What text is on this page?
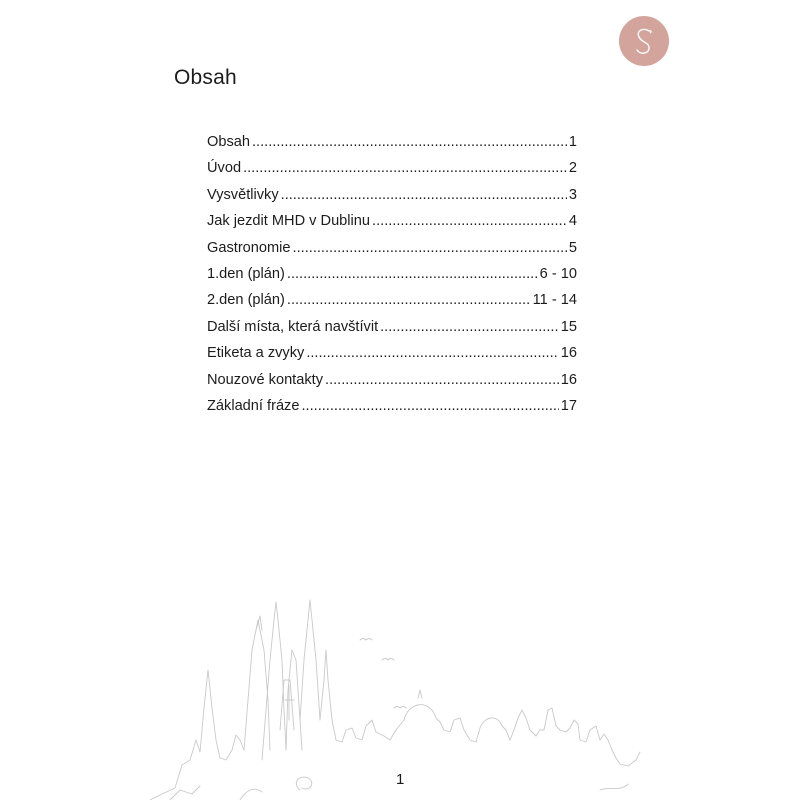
Obsah
Obsah .....	1
Úvod .....	2
Vysvětlivky .....	3
Jak jezdit MHD v Dublinu .....	4
Gastronomie .....	5
1.den (plán) .....	6 - 10
2.den (plán) .....	11 - 14
Další místa, která navštívit .....	15
Etiketa a zvyky .....	16
Nouzové kontakty .....	16
Základní fráze .....	17
1
